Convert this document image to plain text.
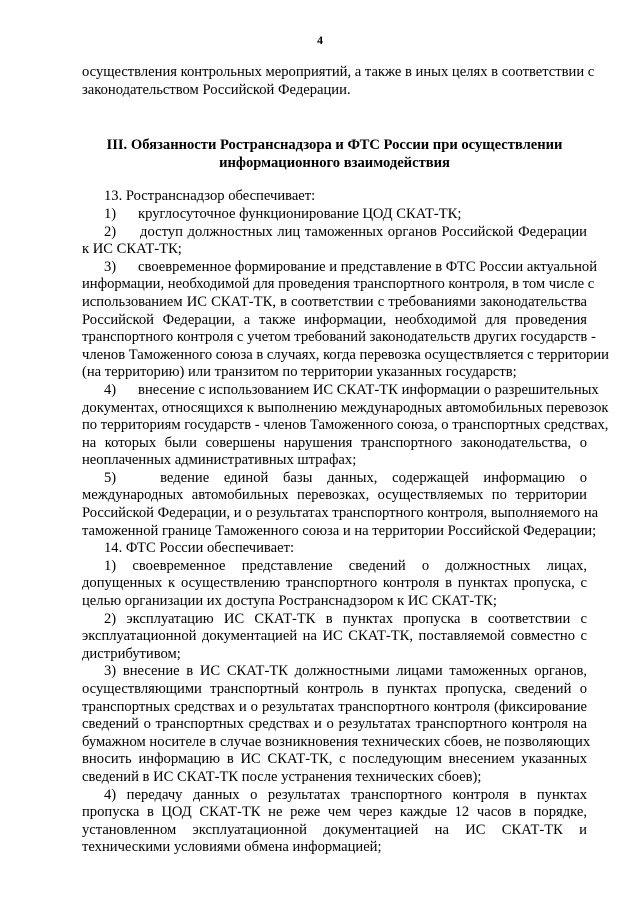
4
осуществления контрольных мероприятий, а также в иных целях в соответствии с
законодательством Российской Федерации.
III. Обязанности Ространснадзора и ФТС России при осуществлении
информационного взаимодействия
13. Ространснадзор обеспечивает:
1)   круглосуточное функционирование ЦОД СКАТ-ТК;
2)   доступ должностных лиц таможенных органов Российской Федерации
к ИС СКАТ-ТК;
3)   своевременное формирование и представление в ФТС России актуальной
информации, необходимой для проведения транспортного контроля, в том числе с
использованием ИС СКАТ-ТК, в соответствии с требованиями законодательства
Российской Федерации, а также информации, необходимой для проведения
транспортного контроля с учетом требований законодательств других государств -
членов Таможенного союза в случаях, когда перевозка осуществляется с территории
(на территорию) или транзитом по территории указанных государств;
4)   внесение с использованием ИС СКАТ-ТК информации о разрешительных
документах, относящихся к выполнению международных автомобильных перевозок
по территориям государств - членов Таможенного союза, о транспортных средствах,
на которых были совершены нарушения транспортного законодательства, о
неоплаченных административных штрафах;
5)   ведение единой базы данных, содержащей информацию о
международных автомобильных перевозках, осуществляемых по территории
Российской Федерации, и о результатах транспортного контроля, выполняемого на
таможенной границе Таможенного союза и на территории Российской Федерации;
14. ФТС России обеспечивает:
1) своевременное представление сведений о должностных лицах,
допущенных к осуществлению транспортного контроля в пунктах пропуска, с
целью организации их доступа Ространснадзором к ИС СКАТ-ТК;
2) эксплуатацию ИС СКАТ-ТК в пунктах пропуска в соответствии с
эксплуатационной документацией на ИС СКАТ-ТК, поставляемой совместно с
дистрибутивом;
3) внесение в ИС СКАТ-ТК должностными лицами таможенных органов,
осуществляющими транспортный контроль в пунктах пропуска, сведений о
транспортных средствах и о результатах транспортного контроля (фиксирование
сведений о транспортных средствах и о результатах транспортного контроля на
бумажном носителе в случае возникновения технических сбоев, не позволяющих
вносить информацию в ИС СКАТ-ТК, с последующим внесением указанных
сведений в ИС СКАТ-ТК после устранения технических сбоев);
4) передачу данных о результатах транспортного контроля в пунктах
пропуска в ЦОД СКАТ-ТК не реже чем через каждые 12 часов в порядке,
установленном эксплуатационной документацией на ИС СКАТ-ТК и
техническими условиями обмена информацией;
